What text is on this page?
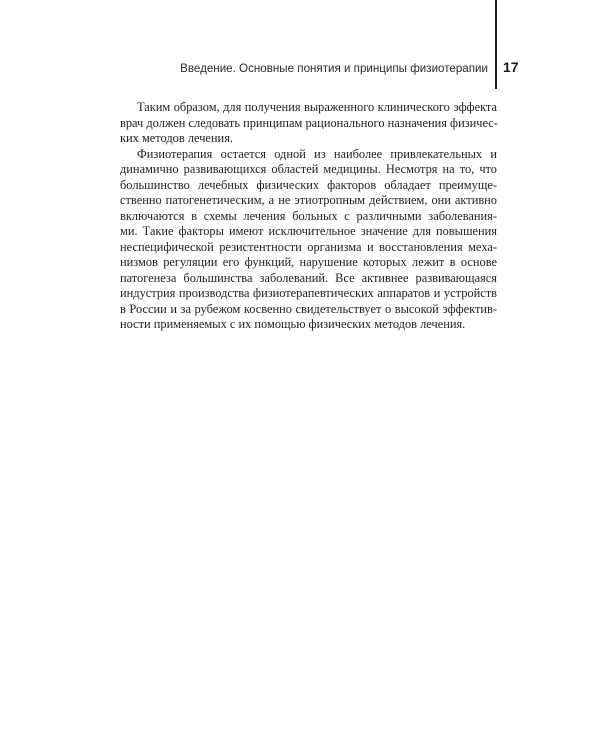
Введение. Основные понятия и принципы физиотерапии 17

Таким образом, для получения выраженного клинического эффекта
врач должен следовать принципам рационального назначения физичес-
ких методов лечения.

Физиотерапия остается одной из наиболее привлекательных и
динамично развивающихся областей медицины. Несмотря на то, что
большинство лечебных физических факторов обладает преимуще-
ственно патогенетическим, а не этиотропным действием, они активно
включаются в схемы лечения больных с различными заболевания-
ми. Такие факторы имеют исключительное значение для повышения
неспецифической резистентности организма и восстановления меха-
низмов регуляции его функций, нарушение которых лежит в основе
патогенеза большинства заболеваний. Все активнее развивающаяся
индустрия производства физиотерапевтических аппаратов и устройств
в России и за рубежом косвенно свидетельствует о высокой эффектив-
ности применяемых с их помощью физических методов лечения.
